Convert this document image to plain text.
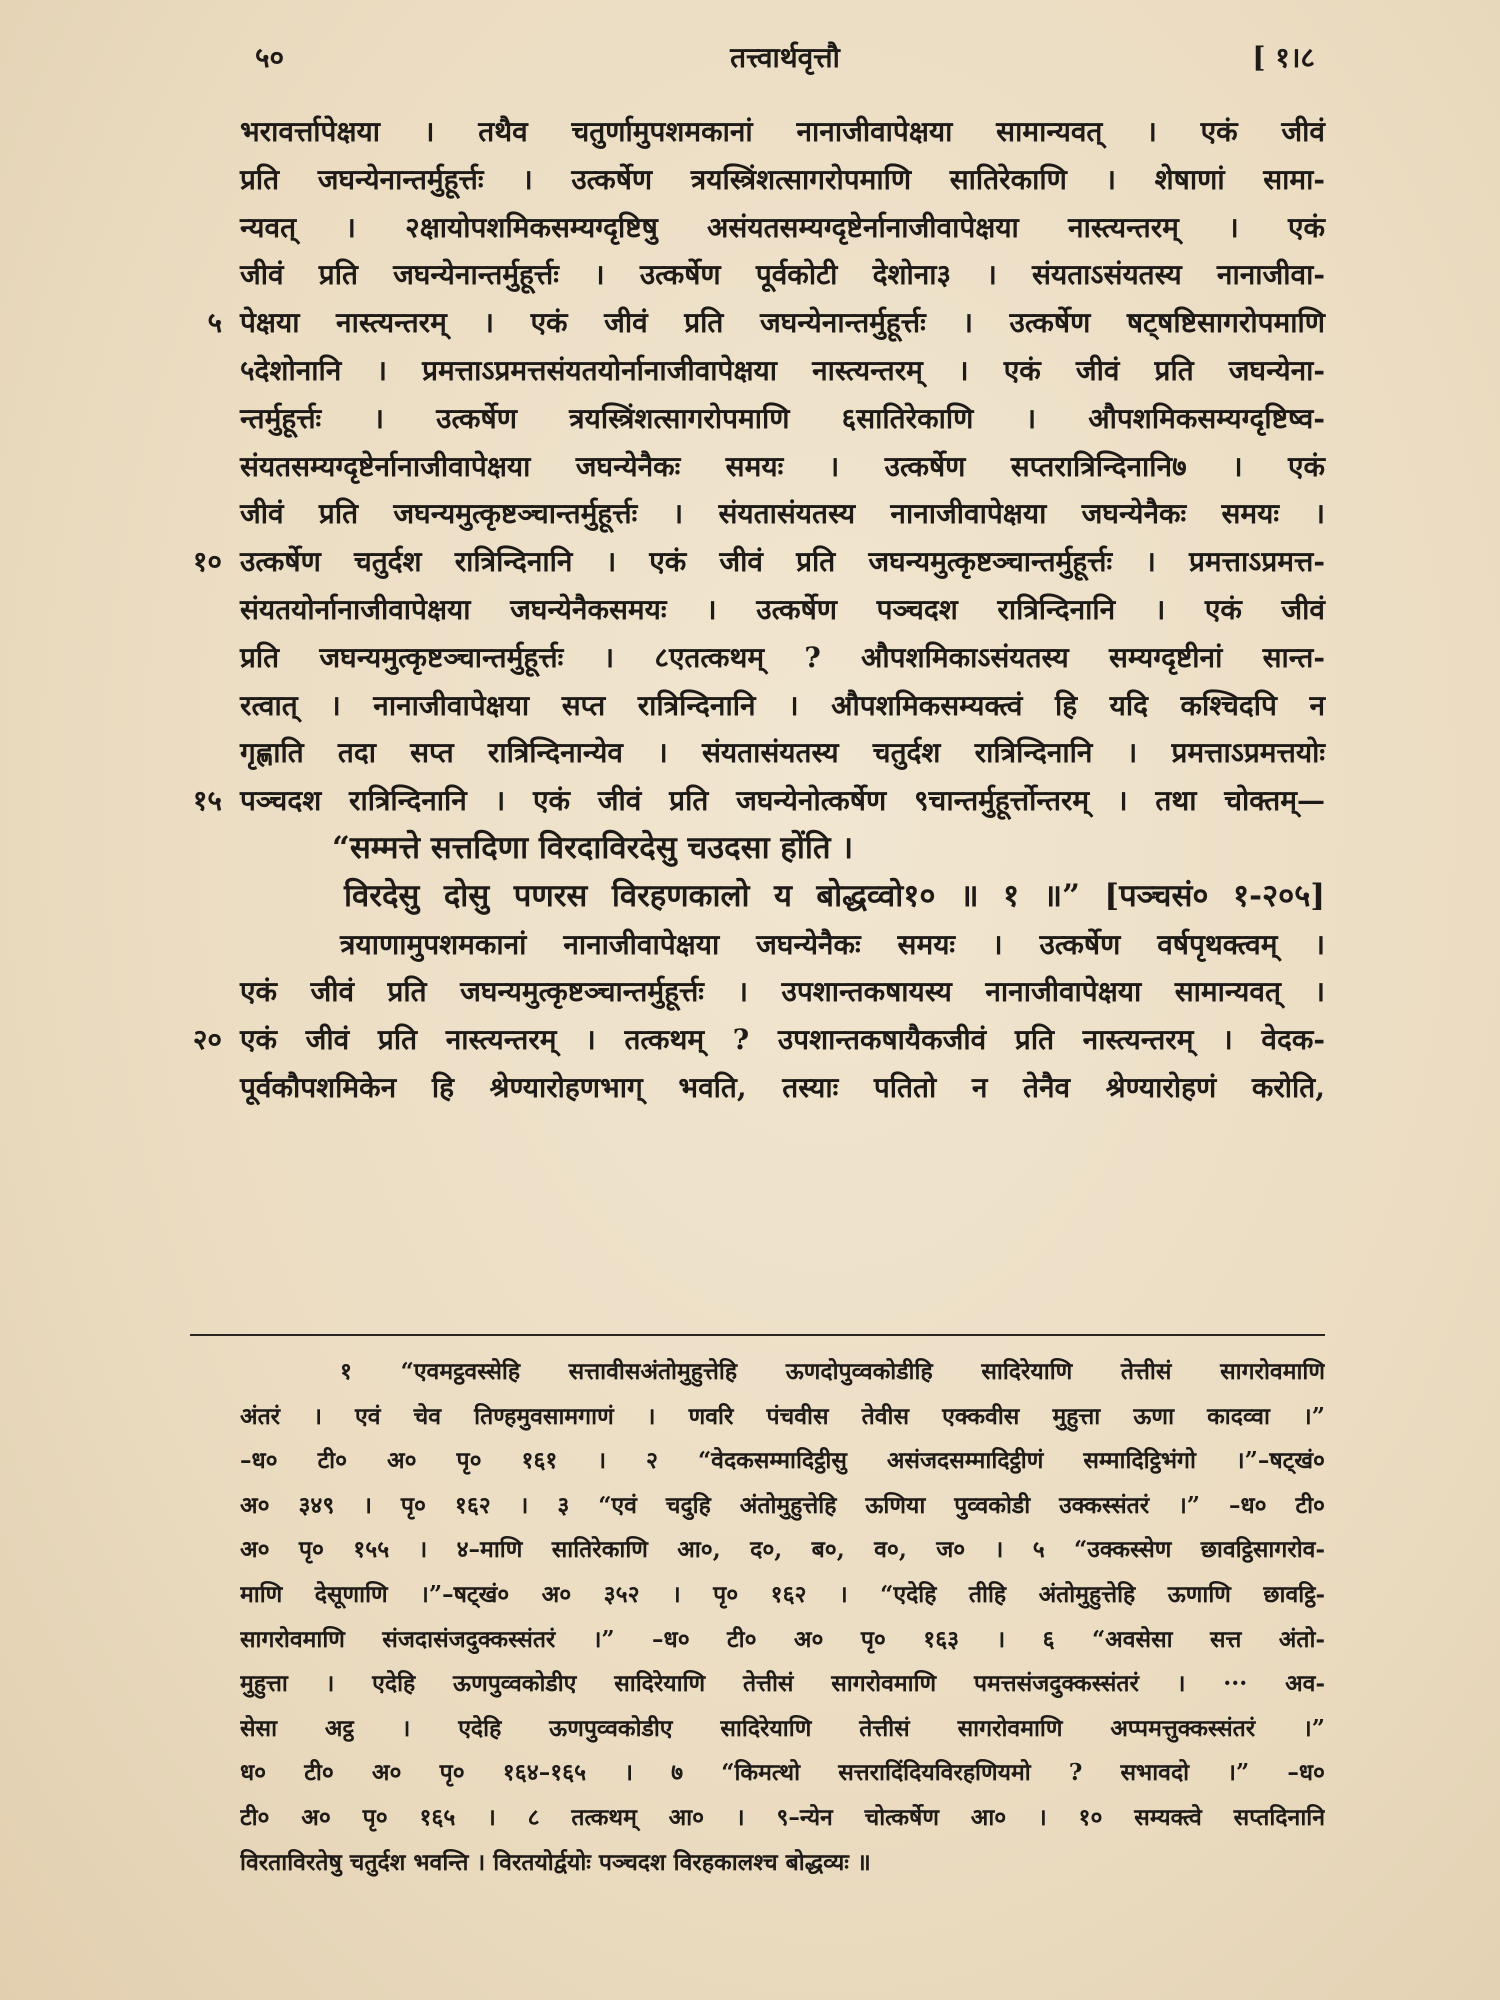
५०	तत्त्वार्थवृत्तौ	[ १।८
भरावर्त्तापेक्षया । तथैव चतुर्णामुपशमकानां नानाजीवापेक्षया सामान्यवत् । एकं जीवं
प्रति जघन्येनान्तर्मुहूर्त्तः । उत्कर्षेण त्रयस्त्रिंशत्सागरोपमाणि सातिरेकाणि । शेषाणां सामा-
न्यवत् । २क्षायोपशमिकसम्यग्दृष्टिषु असंयतसम्यग्दृष्टेर्नानाजीवापेक्षया नास्त्यन्तरम् । एकं
जीवं प्रति जघन्येनान्तर्मुहूर्त्तः । उत्कर्षेण पूर्वकोटी देशोना३ । संयताऽसंयतस्य नानाजीवा-
५ पेक्षया नास्त्यन्तरम् । एकं जीवं प्रति जघन्येनान्तर्मुहूर्त्तः । उत्कर्षेण षट्षष्टिसागरोपमाणि
५देशोनानि । प्रमत्ताऽप्रमत्तसंयतयोर्नानाजीवापेक्षया नास्त्यन्तरम् । एकं जीवं प्रति जघन्येना-
न्तर्मुहूर्त्तः । उत्कर्षेण त्रयस्त्रिंशत्सागरोपमाणि ६सातिरेकाणि । औपशमिकसम्यग्दृष्टिष्व-
संयतसम्यग्दृष्टेर्नानाजीवापेक्षया जघन्येनैकः समयः । उत्कर्षेण सप्तरात्रिन्दिनानि७ । एकं
जीवं प्रति जघन्यमुत्कृष्टञ्चान्तर्मुहूर्त्तः । संयतासंयतस्य नानाजीवापेक्षया जघन्येनैकः समयः ।
१० उत्कर्षेण चतुर्दश रात्रिन्दिनानि । एकं जीवं प्रति जघन्यमुत्कृष्टञ्चान्तर्मुहूर्त्तः । प्रमत्ताऽप्रमत्त-
संयतयोर्नानाजीवापेक्षया जघन्येनैकसमयः । उत्कर्षेण पञ्चदश रात्रिन्दिनानि । एकं जीवं
प्रति जघन्यमुत्कृष्टञ्चान्तर्मुहूर्त्तः । ८एतत्कथम् ? औपशमिकाऽसंयतस्य सम्यग्दृष्टीनां सान्त-
रत्वात् । नानाजीवापेक्षया सप्त रात्रिन्दिनानि । औपशमिकसम्यक्त्वं हि यदि कश्चिदपि न
गृह्णाति तदा सप्त रात्रिन्दिनान्येव । संयतासंयतस्य चतुर्दश रात्रिन्दिनानि । प्रमत्ताऽप्रमत्तयोः
१५ पञ्चदश रात्रिन्दिनानि । एकं जीवं प्रति जघन्येनोत्कर्षेण ९चान्तर्मुहूर्त्तोन्तरम् । तथा चोक्तम्—
“सम्मत्ते सत्तदिणा विरदाविरदेसु चउदसा होंति ।
विरदेसु दोसु पणरस विरहणकालो य बोद्धव्वो१० ॥ १ ॥” [पञ्चसं० १-२०५]
त्रयाणामुपशमकानां नानाजीवापेक्षया जघन्येनैकः समयः । उत्कर्षेण वर्षपृथक्त्वम् ।
एकं जीवं प्रति जघन्यमुत्कृष्टञ्चान्तर्मुहूर्त्तः । उपशान्तकषायस्य नानाजीवापेक्षया सामान्यवत् ।
२० एकं जीवं प्रति नास्त्यन्तरम् । तत्कथम् ? उपशान्तकषायैकजीवं प्रति नास्त्यन्तरम् । वेदक-
पूर्वकौपशमिकेन हि श्रेण्यारोहणभाग् भवति, तस्याः पतितो न तेनैव श्रेण्यारोहणं करोति,
१ “एवमट्ठवस्सेहि सत्तावीसअंतोमुहुत्तेहि ऊणदोपुव्वकोडीहि सादिरेयाणि तेत्तीसं सागरोवमाणि
अंतरं । एवं चेव तिण्हमुवसामगाणं । णवरि पंचवीस तेवीस एक्कवीस मुहुत्ता ऊणा कादव्वा ।”
–ध० टी० अ० पृ० १६१ । २ “वेदकसम्मादिट्ठीसु असंजदसम्मादिट्ठीणं सम्मादिट्ठिभंगो ।”–षट्खं०
अ० ३४९ । पृ० १६२ । ३ “एवं चदुहि अंतोमुहुत्तेहि ऊणिया पुव्वकोडी उक्कस्संतरं ।” –ध० टी०
अ० पृ० १५५ । ४–माणि सातिरेकाणि आ०, द०, ब०, व०, ज० । ५ “उक्कस्सेण छावट्ठिसागरोव-
माणि देसूणाणि ।”–षट्खं० अ० ३५२ । पृ० १६२ । “एदेहि तीहि अंतोमुहुत्तेहि ऊणाणि छावट्ठि-
सागरोवमाणि संजदासंजदुक्कस्संतरं ।” –ध० टी० अ० पृ० १६३ । ६ “अवसेसा सत्त अंतो-
मुहुत्ता । एदेहि ऊणपुव्वकोडीए सादिरेयाणि तेत्तीसं सागरोवमाणि पमत्तसंजदुक्कस्संतरं । ··· अव-
सेसा अट्ठ । एदेहि ऊणपुव्वकोडीए सादिरेयाणि तेत्तीसं सागरोवमाणि अप्पमत्तुक्कस्संतरं ।”
ध० टी० अ० पृ० १६४–१६५ । ७ “किमत्थो सत्तरादिंदियविरहणियमो ? सभावदो ।” –ध०
टी० अ० पृ० १६५ । ८ तत्कथम् आ० । ९–न्येन चोत्कर्षेण आ० । १० सम्यक्त्वे सप्तदिनानि
विरताविरतेषु चतुर्दश भवन्ति । विरतयोर्द्वयोः पञ्चदश विरहकालश्च बोद्धव्यः ॥
